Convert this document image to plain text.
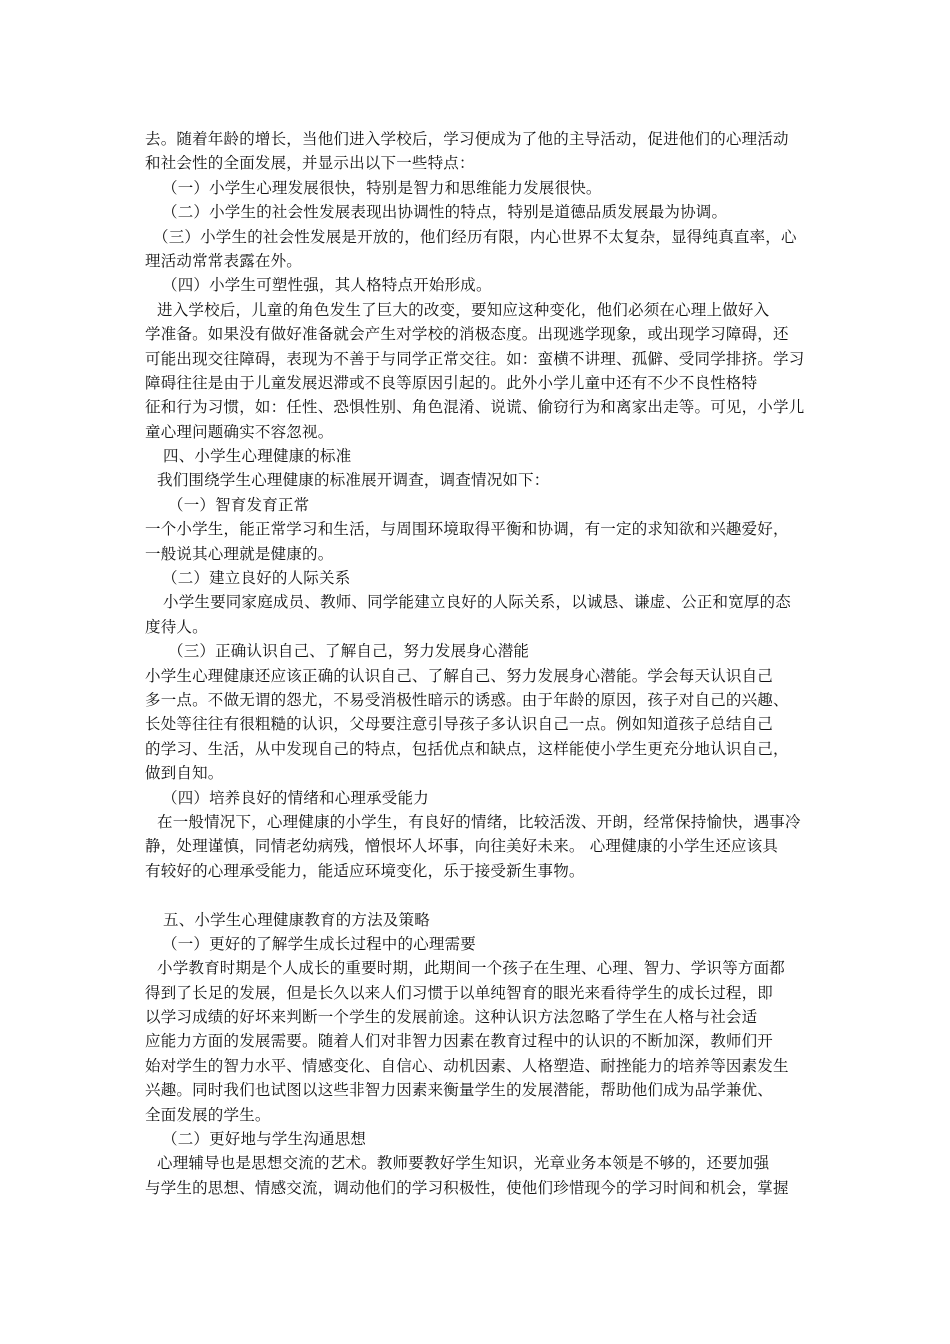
去。随着年龄的增长，当他们进入学校后，学习便成为了他的主导活动，促进他们的心理活动
和社会性的全面发展，并显示出以下一些特点：
（一）小学生心理发展很快，特别是智力和思维能力发展很快。
（二）小学生的社会性发展表现出协调性的特点，特别是道德品质发展最为协调。
（三）小学生的社会性发展是开放的，他们经历有限，内心世界不太复杂，显得纯真直率，心
理活动常常表露在外。
（四）小学生可塑性强，其人格特点开始形成。
进入学校后，儿童的角色发生了巨大的改变，要知应这种变化，他们必须在心理上做好入
学准备。如果没有做好准备就会产生对学校的消极态度。出现逃学现象，或出现学习障碍，还
可能出现交往障碍，表现为不善于与同学正常交往。如：蛮横不讲理、孤僻、受同学排挤。学习
障碍往往是由于儿童发展迟滞或不良等原因引起的。此外小学儿童中还有不少不良性格特
征和行为习惯，如：任性、恐惧性别、角色混淆、说谎、偷窃行为和离家出走等。可见，小学儿
童心理问题确实不容忽视。
四、小学生心理健康的标准
我们围绕学生心理健康的标准展开调查，调查情况如下：
（一）智育发育正常
一个小学生，能正常学习和生活，与周围环境取得平衡和协调，有一定的求知欲和兴趣爱好，
一般说其心理就是健康的。
（二）建立良好的人际关系
小学生要同家庭成员、教师、同学能建立良好的人际关系，以诚恳、谦虚、公正和宽厚的态
度待人。
（三）正确认识自己、了解自己，努力发展身心潜能
小学生心理健康还应该正确的认识自己、了解自己、努力发展身心潜能。学会每天认识自己
多一点。不做无谓的怨尤，不易受消极性暗示的诱惑。由于年龄的原因，孩子对自己的兴趣、
长处等往往有很粗糙的认识，父母要注意引导孩子多认识自己一点。例如知道孩子总结自己
的学习、生活，从中发现自己的特点，包括优点和缺点，这样能使小学生更充分地认识自己，
做到自知。
（四）培养良好的情绪和心理承受能力
在一般情况下，心理健康的小学生，有良好的情绪，比较活泼、开朗，经常保持愉快，遇事冷
静，处理谨慎，同情老幼病残，憎恨坏人坏事，向往美好未来。 心理健康的小学生还应该具
有较好的心理承受能力，能适应环境变化，乐于接受新生事物。
五、小学生心理健康教育的方法及策略
（一）更好的了解学生成长过程中的心理需要
小学教育时期是个人成长的重要时期，此期间一个孩子在生理、心理、智力、学识等方面都
得到了长足的发展，但是长久以来人们习惯于以单纯智育的眼光来看待学生的成长过程，即
以学习成绩的好坏来判断一个学生的发展前途。这种认识方法忽略了学生在人格与社会适
应能力方面的发展需要。随着人们对非智力因素在教育过程中的认识的不断加深，教师们开
始对学生的智力水平、情感变化、自信心、动机因素、人格塑造、耐挫能力的培养等因素发生
兴趣。同时我们也试图以这些非智力因素来衡量学生的发展潜能，帮助他们成为品学兼优、
全面发展的学生。
（二）更好地与学生沟通思想
心理辅导也是思想交流的艺术。教师要教好学生知识，光章业务本领是不够的，还要加强
与学生的思想、情感交流，调动他们的学习积极性，使他们珍惜现今的学习时间和机会，掌握
